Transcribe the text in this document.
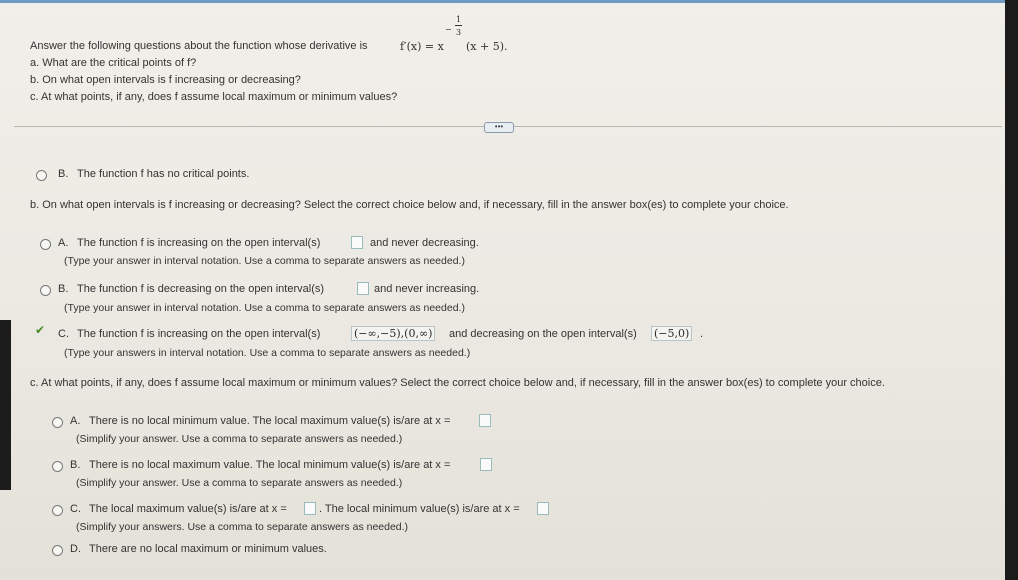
Answer the following questions about the function whose derivative is	f′(x) = x
−
1
3
(x + 5).
a. What are the critical points of f?
b. On what open intervals is f increasing or decreasing?
c. At what points, if any, does f assume local maximum or minimum values?
•••
B. The function f has no critical points.
b. On what open intervals is f increasing or decreasing? Select the correct choice below and, if necessary, fill in the answer box(es) to complete your choice.
A. The function f is increasing on the open interval(s)	and never decreasing.
(Type your answer in interval notation. Use a comma to separate answers as needed.)
B. The function f is decreasing on the open interval(s)	and never increasing.
(Type your answer in interval notation. Use a comma to separate answers as needed.)
✔ C. The function f is increasing on the open interval(s)	(−∞,−5),(0,∞) and decreasing on the open interval(s) (−5,0) .
(Type your answers in interval notation. Use a comma to separate answers as needed.)
c. At what points, if any, does f assume local maximum or minimum values? Select the correct choice below and, if necessary, fill in the answer box(es) to complete your choice.
A. There is no local minimum value. The local maximum value(s) is/are at x =
(Simplify your answer. Use a comma to separate answers as needed.)
B. There is no local maximum value. The local minimum value(s) is/are at x =
(Simplify your answer. Use a comma to separate answers as needed.)
C. The local maximum value(s) is/are at x =	. The local minimum value(s) is/are at x =
(Simplify your answers. Use a comma to separate answers as needed.)
D. There are no local maximum or minimum values.
